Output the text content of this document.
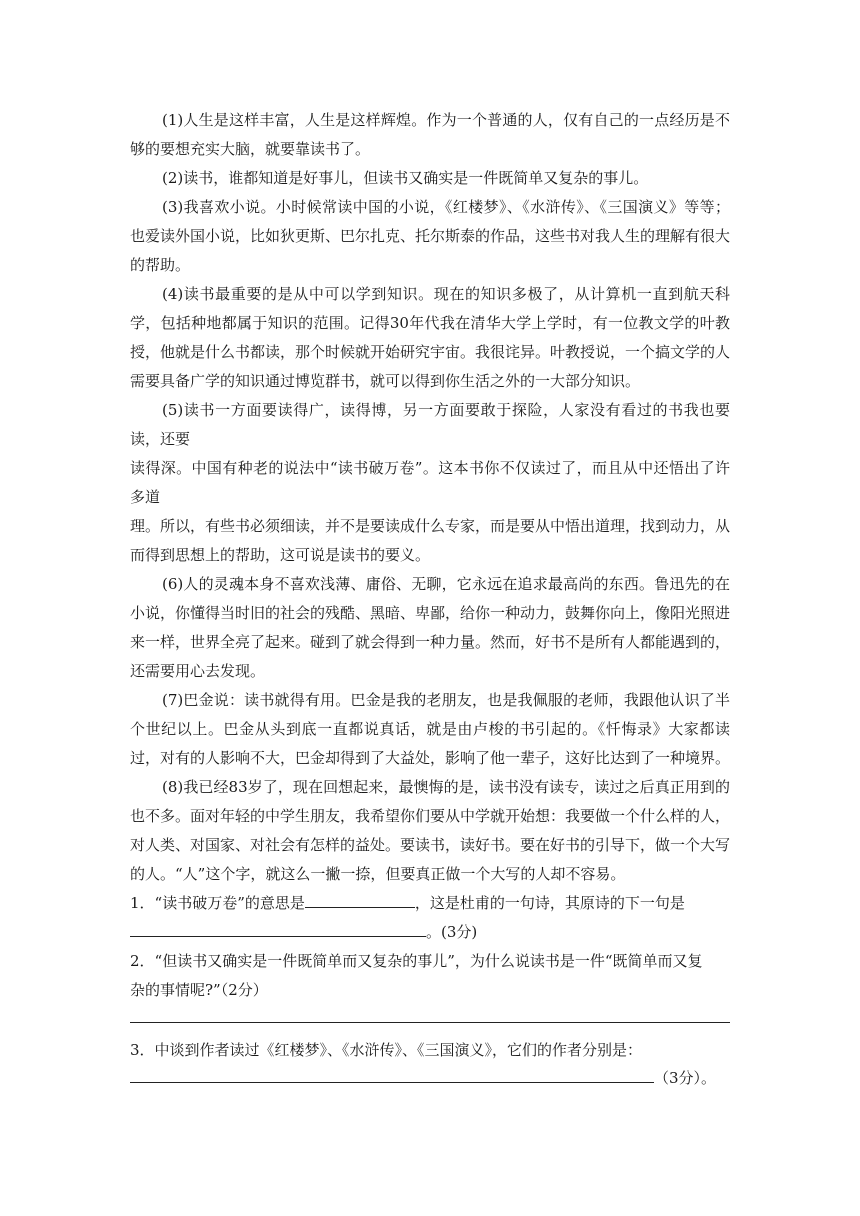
(1)人生是这样丰富，人生是这样辉煌。作为一个普通的人，仅有自己的一点经历是不够的要想充实大脑，就要靠读书了。

(2)读书，谁都知道是好事儿，但读书又确实是一件既简单又复杂的事儿。

(3)我喜欢小说。小时候常读中国的小说，《红楼梦》、《水浒传》、《三国演义》等等；也爱读外国小说，比如狄更斯、巴尔扎克、托尔斯泰的作品，这些书对我人生的理解有很大的帮助。

(4)读书最重要的是从中可以学到知识。现在的知识多极了，从计算机一直到航天科学，包括种地都属于知识的范围。记得30年代我在清华大学上学时，有一位教文学的叶教授，他就是什么书都读，那个时候就开始研究宇宙。我很诧异。叶教授说，一个搞文学的人需要具备广学的知识通过博览群书，就可以得到你生活之外的一大部分知识。

(5)读书一方面要读得广，读得博，另一方面要敢于探险，人家没有看过的书我也要读，还要

读得深。中国有种老的说法中“读书破万卷”。这本书你不仅读过了，而且从中还悟出了许多道

理。所以，有些书必须细读，并不是要读成什么专家，而是要从中悟出道理，找到动力，从而得到思想上的帮助，这可说是读书的要义。

(6)人的灵魂本身不喜欢浅薄、庸俗、无聊，它永远在追求最高尚的东西。鲁迅先的在小说，你懂得当时旧的社会的残酷、黑暗、卑鄙，给你一种动力，鼓舞你向上，像阳光照进来一样，世界全亮了起来。碰到了就会得到一种力量。然而，好书不是所有人都能遇到的，还需要用心去发现。

(7)巴金说：读书就得有用。巴金是我的老朋友，也是我佩服的老师，我跟他认识了半个世纪以上。巴金从头到底一直都说真话，就是由卢梭的书引起的。《忏悔录》大家都读过，对有的人影响不大，巴金却得到了大益处，影响了他一辈子，这好比达到了一种境界。

(8)我已经83岁了，现在回想起来，最懊悔的是，读书没有读专，读过之后真正用到的也不多。面对年轻的中学生朋友，我希望你们要从中学就开始想：我要做一个什么样的人，对人类、对国家、对社会有怎样的益处。要读书，读好书。要在好书的引导下，做一个大写的人。“人”这个字，就这么一撇一捺，但要真正做一个大写的人却不容易。

1．“读书破万卷”的意思是	，这是杜甫的一句诗，其原诗的下一句是
。(3分)
2．“但读书又确实是一件既简单而又复杂的事儿”，为什么说读书是一件“既简单而又复
杂的事情呢?”（2分）
3．中谈到作者读过《红楼梦》、《水浒传》、《三国演义》，它们的作者分别是：
（3分）。
